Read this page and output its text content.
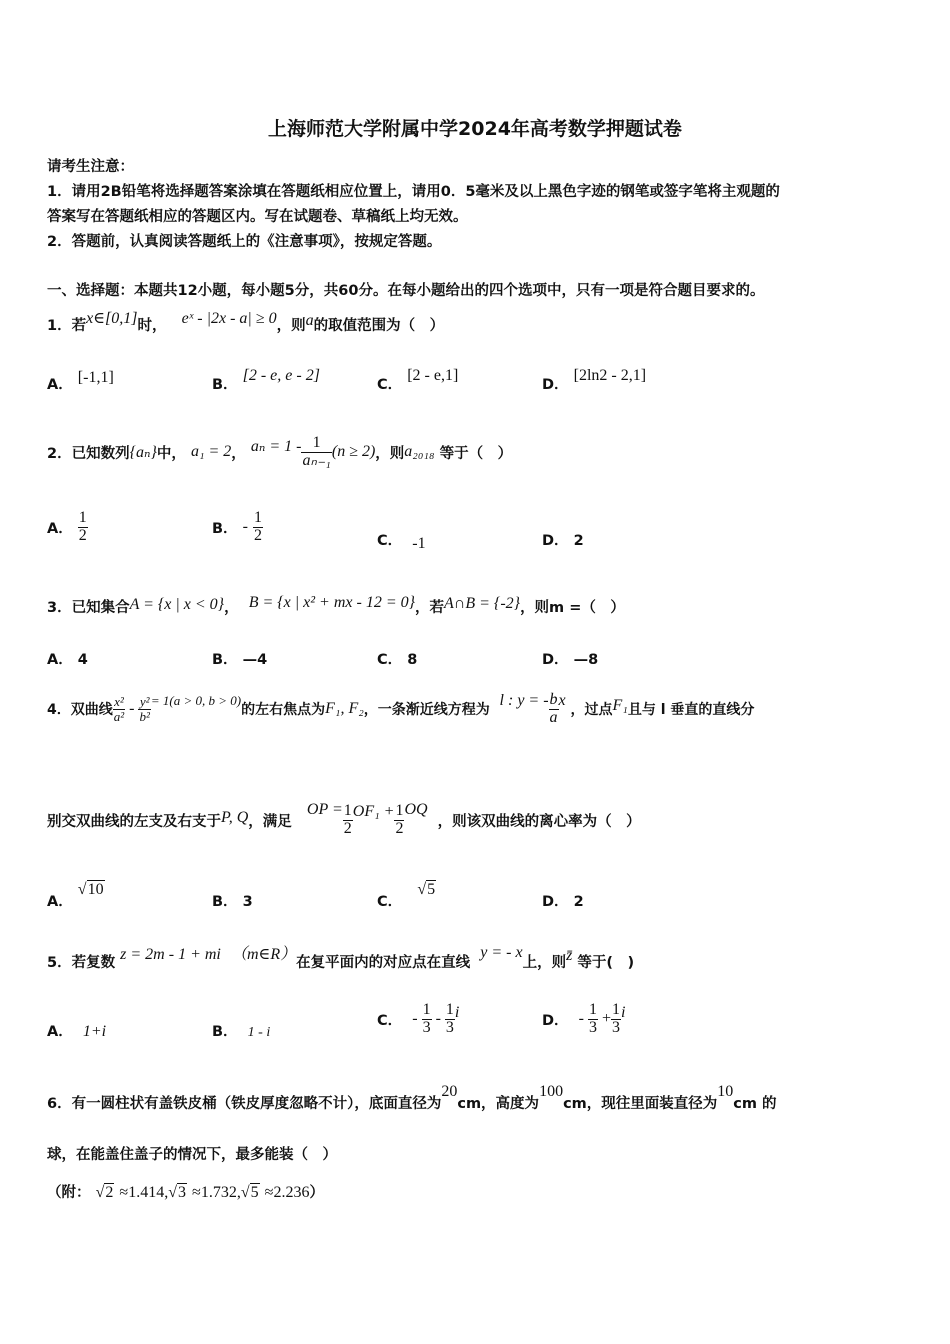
上海师范大学附属中学2024年高考数学押题试卷
请考生注意：
1．请用2B铅笔将选择题答案涂填在答题纸相应位置上，请用0．5毫米及以上黑色字迹的钢笔或签字笔将主观题的
答案写在答题纸相应的答题区内。写在试题卷、草稿纸上均无效。
2．答题前，认真阅读答题纸上的《注意事项》，按规定答题。
一、选择题：本题共12小题，每小题5分，共60分。在每小题给出的四个选项中，只有一项是符合题目要求的。
1．若x∈[0,1]时， eˣ - |2x - a| ≥ 0，则a的取值范围为（　）
A． [-1,1]	B． [2 - e, e - 2]
C． [2 - e,1]
D． [2ln2 - 2,1]
2．已知数列 {aₙ} 中，
a₁ = 2 ，
$a_n = 1 - \frac{1}{\text{aₙ₋₁}} (n \ge 2)$ ，则 a₂₀₁₈
等于（　）
A．
$\frac{1}{2}$	B．
-
$\frac{1}{2}$	C． -1	D． 2
3．已知集合A = {x | x < 0}， B = {x | x² + mx - 12 = 0}，若A∩B = {-2}，则m =（　）
A． 4	B． —4	C． 8	D． —8
4．双曲线 $\frac{\text{x²}}{\text{a²}} - \frac{\text{y²}}{\text{b²}} = 1(a > 0$, b > 0)
的左右焦点为 F₁, F₂ ，一条渐近线方程为

l : y = - $\frac{b}{a}$ x

，过点 F₁ 且与 l 垂直的直线分
别交双曲线的左支及右支于 P, Q ，满足

OP = $\frac{1}{2} OF_1 + \frac{1}{2}$ OQ

，则该双曲线的离心率为（　）
A． √10
B． 3	C．   √5
D． 2
5．若复数 z = 2m - 1 + mi （m∈R）在复平面内的对应点在直线  y = - x上，则z̄ 等于(　)
A． 1+i	B． 1 - i
C．
- $\frac{1}{3} - \frac{1}{3}$ i	D．
- $\frac{1}{3} + \frac{1}{3}$ i
6．有一圆柱状有盖铁皮桶（铁皮厚度忽略不计），底面直径为20cm，高度为100cm，现往里面装直径为10cm 的
球，在能盖住盖子的情况下，最多能装（　）
（附： √2 ≈1.414,√3 ≈1.732,√5 ≈2.236）
